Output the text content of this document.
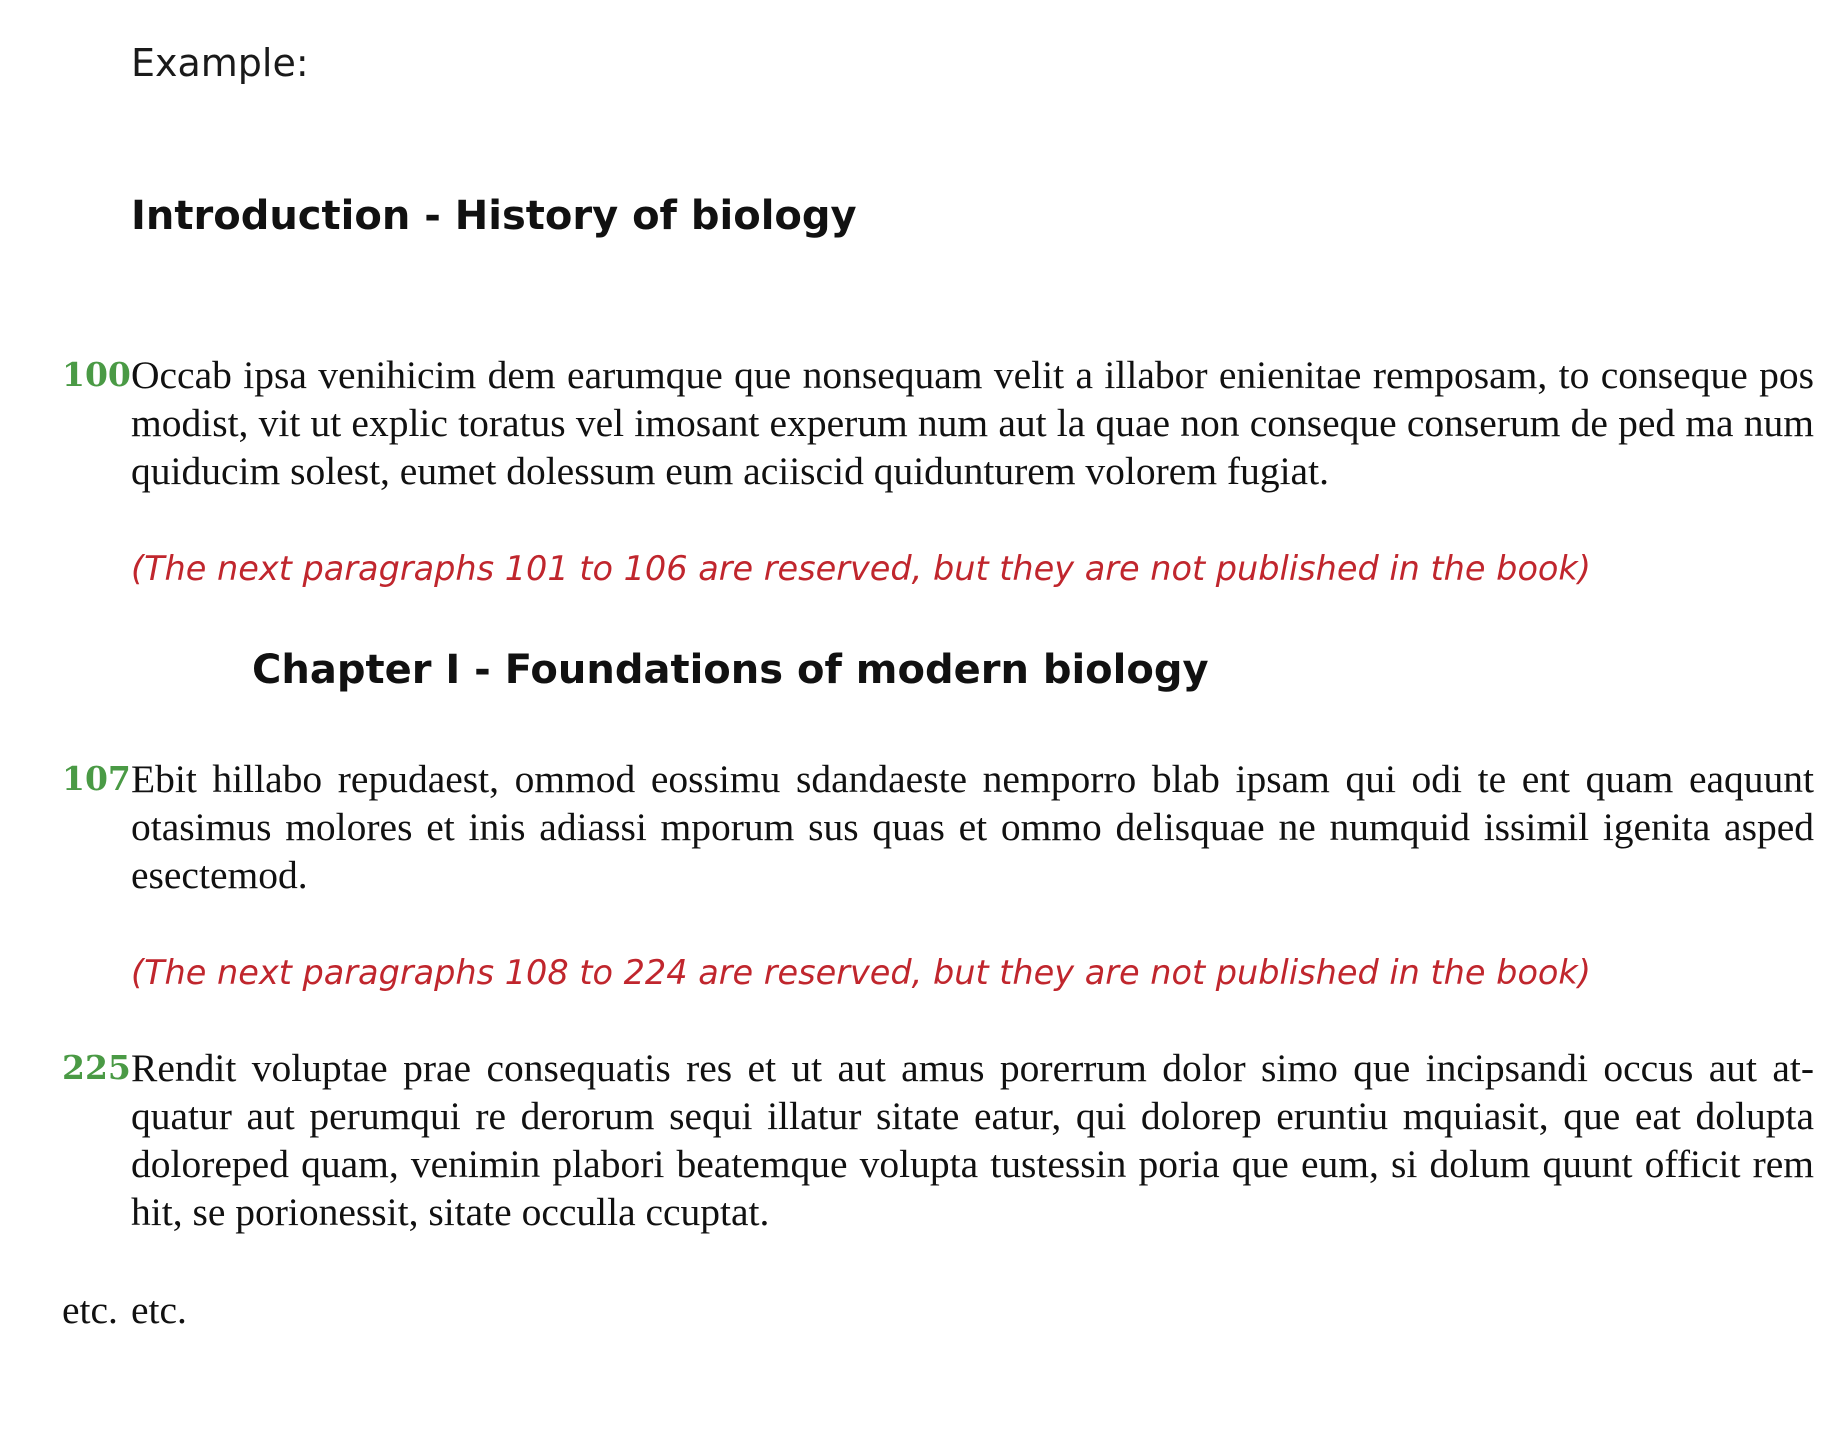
Example:
Introduction - History of biology
100 Occab ipsa venihicim dem earumque que nonsequam velit a illabor enienitae remposam, to conseque pos modist, vit ut explic toratus vel imosant experum num aut la quae non conseque conserum de ped ma num quiducim solest, eumet dolessum eum aciiscid quidunturem volorem fugiat.
(The next paragraphs 101 to 106 are reserved, but they are not published in the book)
Chapter I - Foundations of modern biology
107 Ebit hillabo repudaest, ommod eossimu sdandaeste nemporro blab ipsam qui odi te ent quam eaquunt otasimus molores et inis adiassi mporum sus quas et ommo delisquae ne numquid issimil igenita asped esectemod.
(The next paragraphs 108 to 224 are reserved, but they are not published in the book)
225 Rendit voluptae prae consequatis res et ut aut amus porerrum dolor simo que incipsandi occus aut at-quatur aut perumqui re derorum sequi illatur sitate eatur, qui dolorep eruntiu mquiasit, que eat dolupta doloreped quam, venimin plabori beatemque volupta tustessin poria que eum, si dolum quunt officit rem hit, se porionessit, sitate occulla ccuptat.
etc. etc.
